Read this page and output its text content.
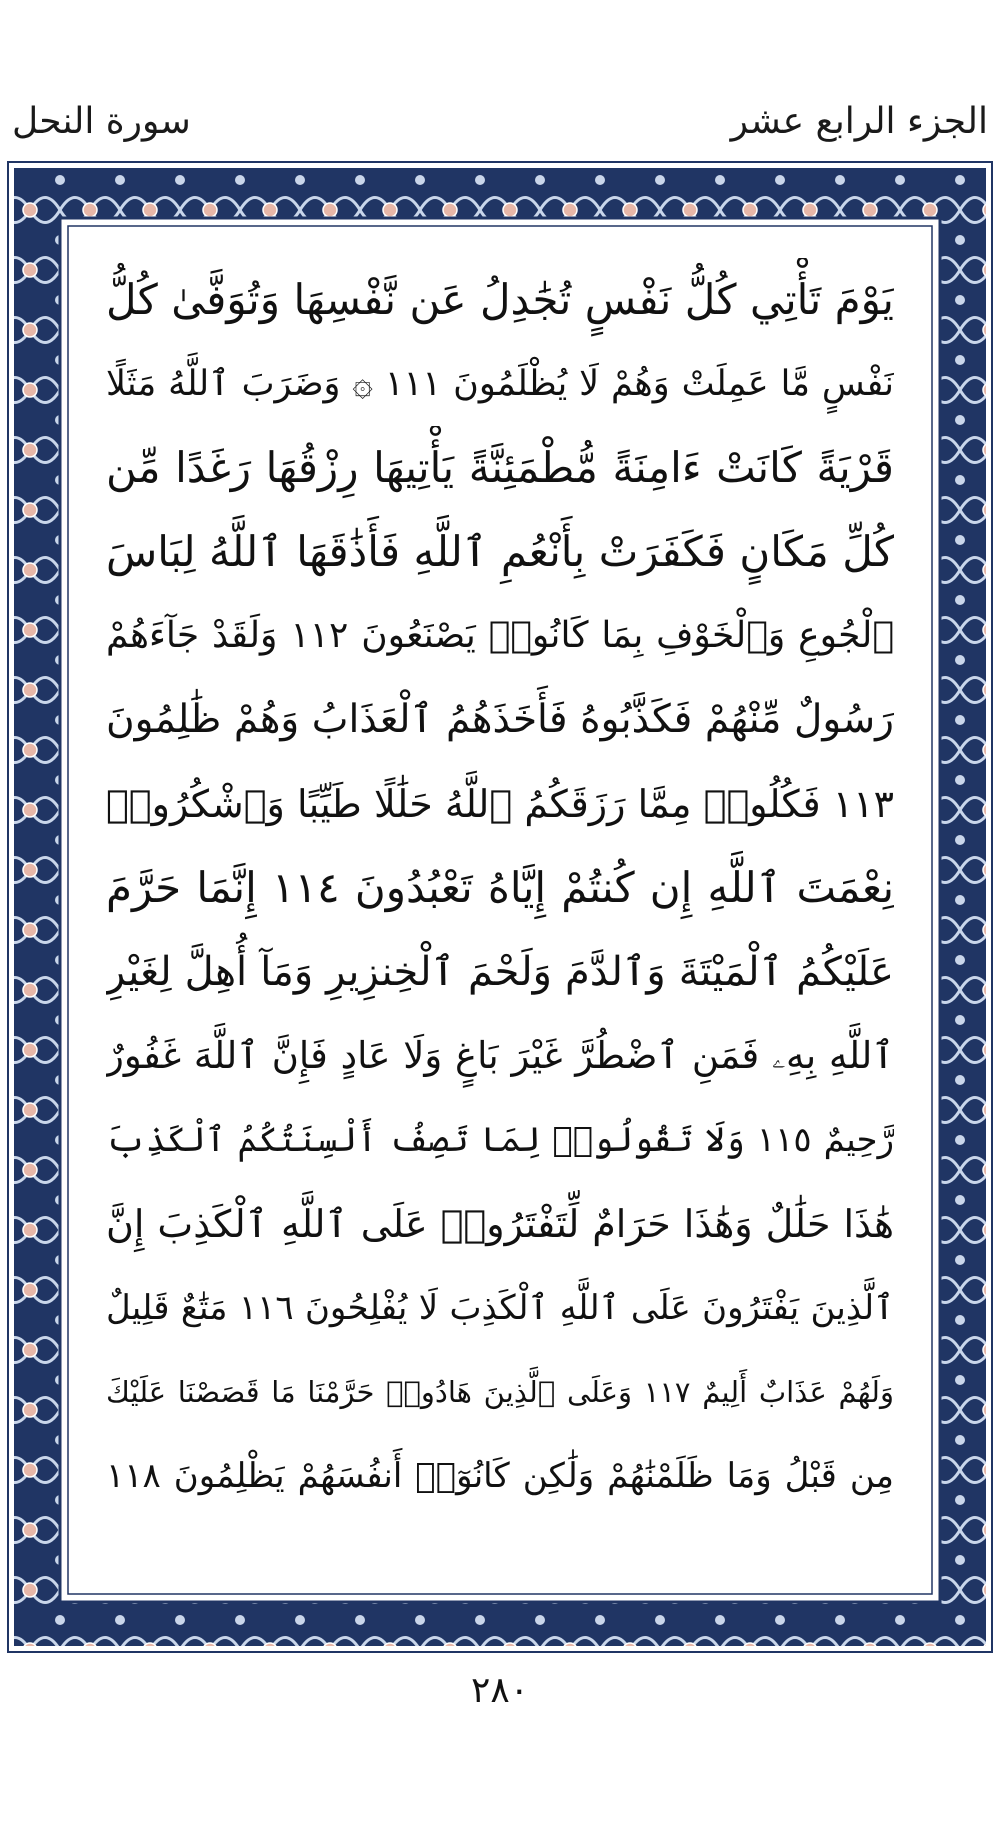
سورة النحل	الجزء الرابع عشر
يَوْمَ تَأْتِي كُلُّ نَفْسٍ تُجَٰدِلُ عَن نَّفْسِهَا وَتُوَفَّىٰ كُلُّ
نَفْسٍ مَّا عَمِلَتْ وَهُمْ لَا يُظْلَمُونَ ١١١ ۞ وَضَرَبَ ٱللَّهُ مَثَلًا
قَرْيَةً كَانَتْ ءَامِنَةً مُّطْمَئِنَّةً يَأْتِيهَا رِزْقُهَا رَغَدًا مِّن
كُلِّ مَكَانٍ فَكَفَرَتْ بِأَنْعُمِ ٱللَّهِ فَأَذَٰقَهَا ٱللَّهُ لِبَاسَ
ٱلْجُوعِ وَٱلْخَوْفِ بِمَا كَانُوا۟ يَصْنَعُونَ ١١٢ وَلَقَدْ جَآءَهُمْ
رَسُولٌ مِّنْهُمْ فَكَذَّبُوهُ فَأَخَذَهُمُ ٱلْعَذَابُ وَهُمْ ظَٰلِمُونَ
١١٣ فَكُلُوا۟ مِمَّا رَزَقَكُمُ ٱللَّهُ حَلَٰلًا طَيِّبًا وَٱشْكُرُوا۟
نِعْمَتَ ٱللَّهِ إِن كُنتُمْ إِيَّاهُ تَعْبُدُونَ ١١٤ إِنَّمَا حَرَّمَ
عَلَيْكُمُ ٱلْمَيْتَةَ وَٱلدَّمَ وَلَحْمَ ٱلْخِنزِيرِ وَمَآ أُهِلَّ لِغَيْرِ
ٱللَّهِ بِهِۦ فَمَنِ ٱضْطُرَّ غَيْرَ بَاغٍ وَلَا عَادٍ فَإِنَّ ٱللَّهَ غَفُورٌ
رَّحِيمٌ ١١٥ وَلَا تَقُولُوا۟ لِمَا تَصِفُ أَلْسِنَتُكُمُ ٱلْكَذِبَ
هَٰذَا حَلَٰلٌ وَهَٰذَا حَرَامٌ لِّتَفْتَرُوا۟ عَلَى ٱللَّهِ ٱلْكَذِبَ إِنَّ
ٱلَّذِينَ يَفْتَرُونَ عَلَى ٱللَّهِ ٱلْكَذِبَ لَا يُفْلِحُونَ ١١٦ مَتَٰعٌ قَلِيلٌ
وَلَهُمْ عَذَابٌ أَلِيمٌ ١١٧ وَعَلَى ٱلَّذِينَ هَادُوا۟ حَرَّمْنَا مَا قَصَصْنَا عَلَيْكَ
مِن قَبْلُ وَمَا ظَلَمْنَٰهُمْ وَلَٰكِن كَانُوٓا۟ أَنفُسَهُمْ يَظْلِمُونَ ١١٨
٢٨٠
